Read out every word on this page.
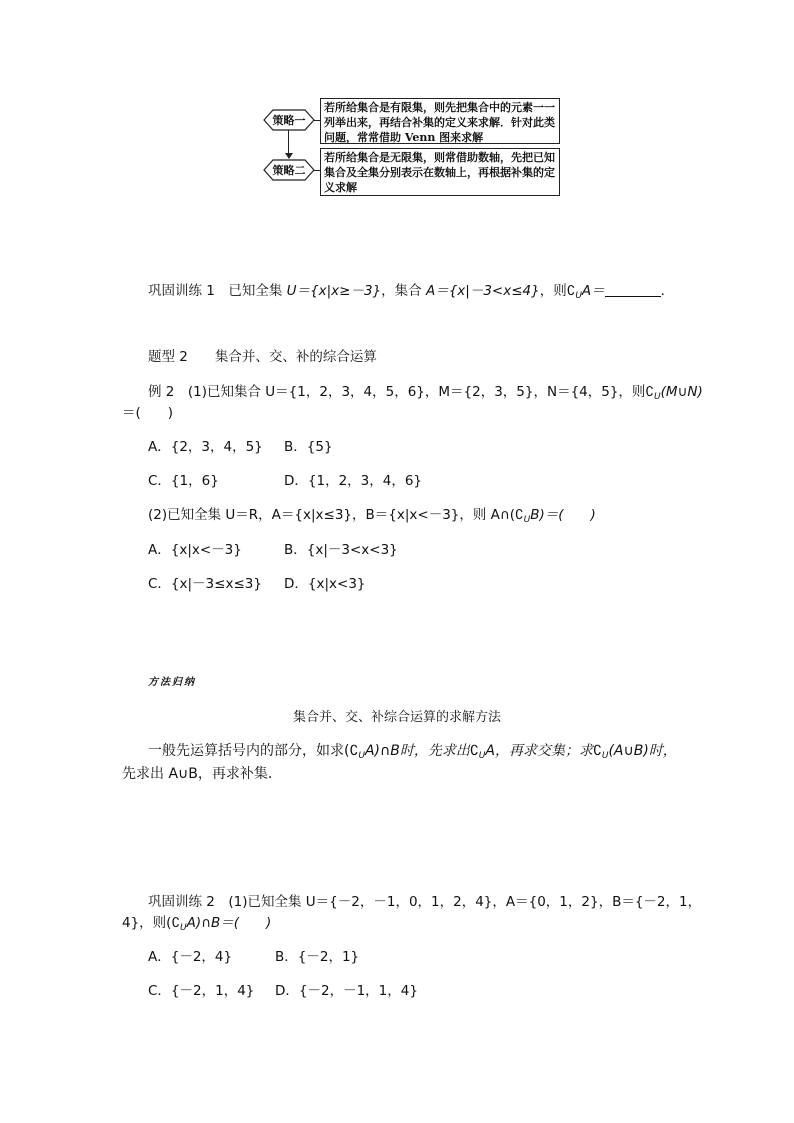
策略一
若所给集合是有限集，则先把集合中的元素一一列举出来，再结合补集的定义来求解．针对此类问题，常常借助 Venn 图来求解
策略二
若所给集合是无限集，则常借助数轴，先把已知集合及全集分别表示在数轴上，再根据补集的定义求解
巩固训练 1　已知全集 U＝{x|x≥－3}，集合 A＝{x|－3<x≤4}，则$∁_UA=$	．
题型 2　　集合并、交、补的综合运算
例 2　(1)已知集合 U＝{1，2，3，4，5，6}，M＝{2，3，5}，N＝{4，5}，则$∁_U(M\cup N)$
＝(　　)
A．{2，3，4，5} B．{5}
C．{1，6}	D．{1，2，3，4，6}
(2)已知全集 U＝R，A＝{x|x≤3}，B＝{x|x<－3}，则 $A\cap(∁_UB)=$(　　)
A．{x|x<－3}	B．{x|－3<x<3}
C．{x|－3≤x≤3} D．{x|x<3}
方法归纳
集合并、交、补综合运算的求解方法
一般先运算括号内的部分，如求$(∁_UA)\cap B$时，先求出$∁_UA$，再求交集；求$∁_U(A\cup B)$时，
先求出 A∪B，再求补集．
巩固训练 2　(1)已知全集 U＝{－2，－1，0，1，2，4}，A＝{0，1，2}，B＝{－2，1，
4}，则$(∁_UA)\cap B=$(　　)
A．{－2，4}	B．{－2，1}
C．{－2，1，4} D．{－2，－1，1，4}
